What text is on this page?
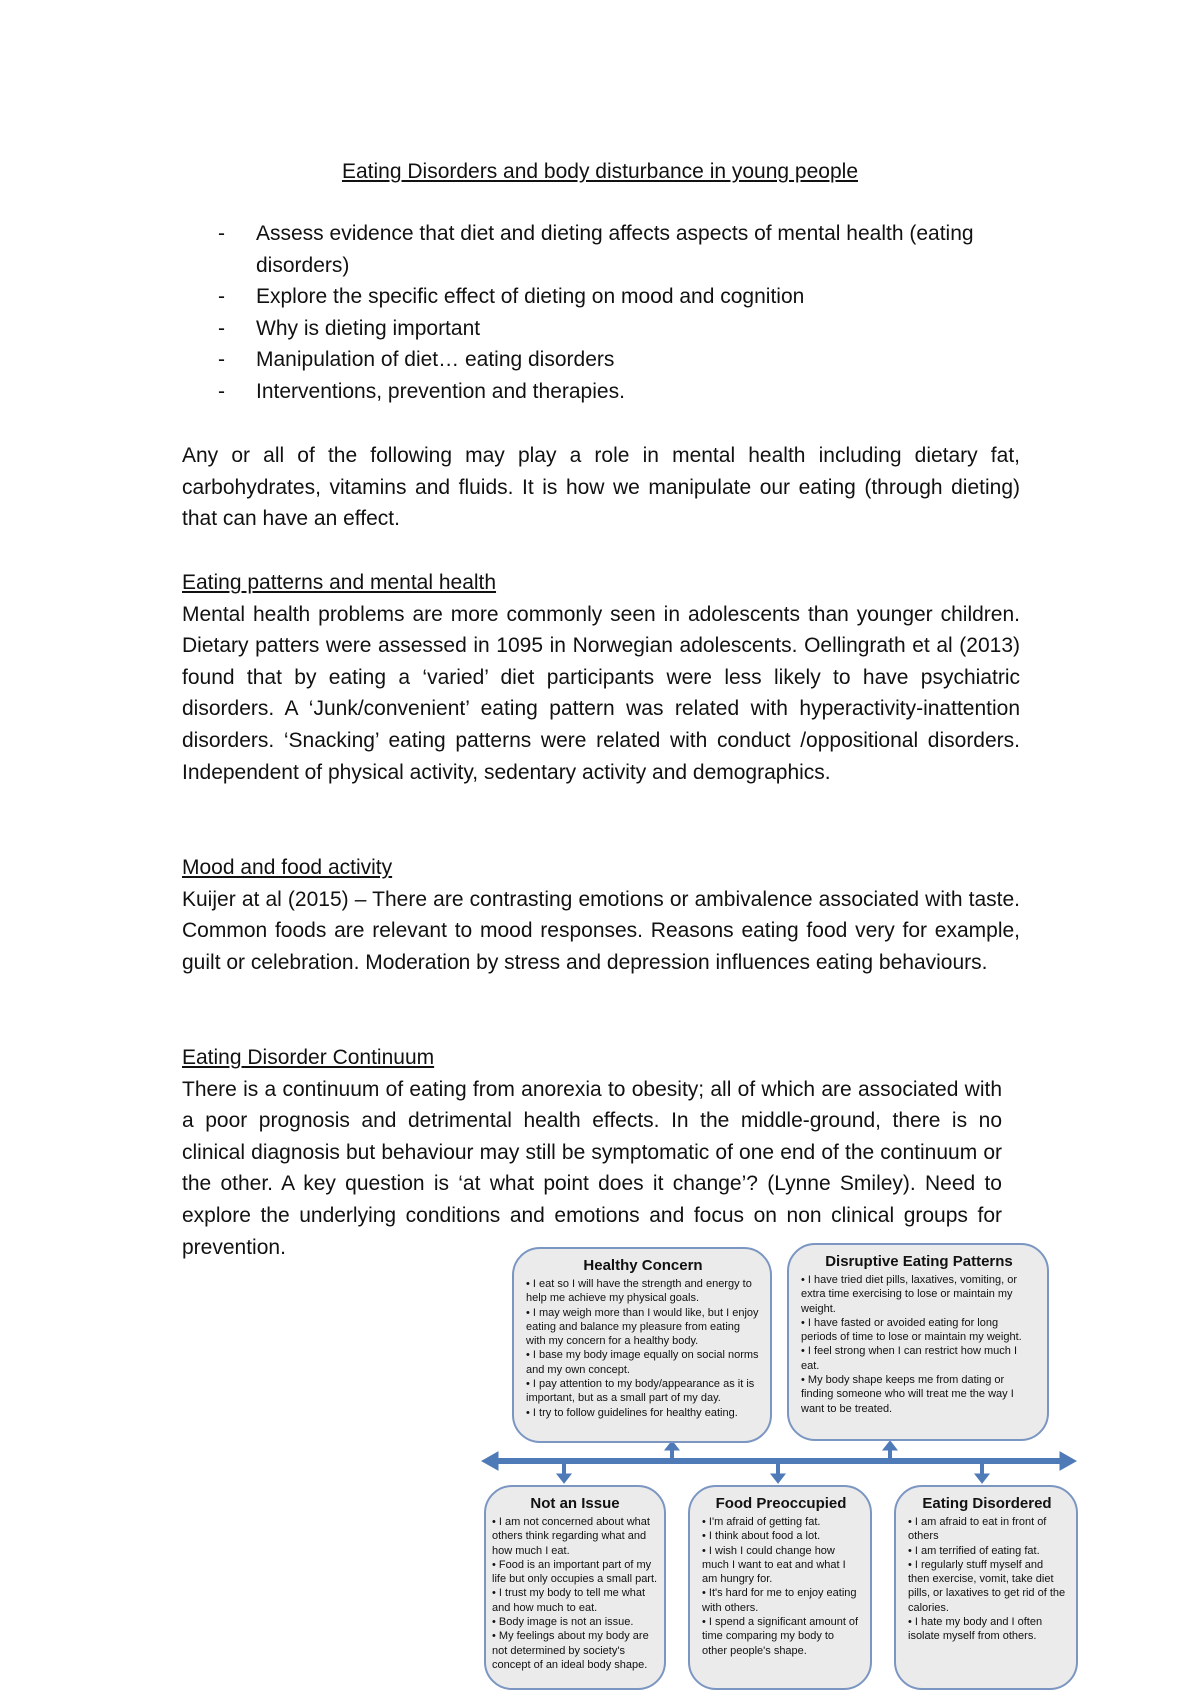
Eating Disorders and body disturbance in young people
- Assess evidence that diet and dieting affects aspects of mental health (eating disorders)
- Explore the specific effect of dieting on mood and cognition
- Why is dieting important
- Manipulation of diet… eating disorders
- Interventions, prevention and therapies.

Any or all of the following may play a role in mental health including dietary fat, carbohydrates, vitamins and fluids. It is how we manipulate our eating (through dieting) that can have an effect.

Eating patterns and mental health
Mental health problems are more commonly seen in adolescents than younger children. Dietary patters were assessed in 1095 in Norwegian adolescents. Oellingrath et al (2013) found that by eating a ‘varied’ diet participants were less likely to have psychiatric disorders. A ‘Junk/convenient’ eating pattern was related with hyperactivity-inattention disorders. ‘Snacking’ eating patterns were related with conduct /oppositional disorders. Independent of physical activity, sedentary activity and demographics.
Mood and food activity
Kuijer at al (2015) – There are contrasting emotions or ambivalence associated with taste. Common foods are relevant to mood responses. Reasons eating food very for example, guilt or celebration. Moderation by stress and depression influences eating behaviours.
Eating Disorder Continuum
There is a continuum of eating from anorexia to obesity; all of which are associated with a poor prognosis and detrimental health effects. In the middle-ground, there is no clinical diagnosis but behaviour may still be symptomatic of one end of the continuum or the other. A key question is ‘at what point does it change’? (Lynne Smiley). Need to explore the underlying conditions and emotions and focus on non clinical groups for prevention.
Healthy Concern

• I eat so I will have the strength and energy to help me achieve my physical goals.

• I may weigh more than I would like, but I enjoy eating and balance my pleasure from eating with my concern for a healthy body.

• I base my body image equally on social norms and my own concept.

• I pay attention to my body/appearance as it is important, but as a small part of my day.

• I try to follow guidelines for healthy eating.

Disruptive Eating Patterns

• I have tried diet pills, laxatives, vomiting, or extra time exercising to lose or maintain my weight.

• I have fasted or avoided eating for long periods of time to lose or maintain my weight.

• I feel strong when I can restrict how much I eat.

• My body shape keeps me from dating or finding someone who will treat me the way I want to be treated.

Not an Issue

• I am not concerned about what others think regarding what and how much I eat.

• Food is an important part of my life but only occupies a small part.

• I trust my body to tell me what and how much to eat.

• Body image is not an issue.

• My feelings about my body are not determined by society's concept of an ideal body shape.

Food Preoccupied

• I'm afraid of getting fat.

• I think about food a lot.

• I wish I could change how much I want to eat and what I am hungry for.

• It's hard for me to enjoy eating with others.

• I spend a significant amount of time comparing my body to other people's shape.

Eating Disordered

• I am afraid to eat in front of others

• I am terrified of eating fat.

• I regularly stuff myself and then exercise, vomit, take diet pills, or laxatives to get rid of the calories.

• I hate my body and I often isolate myself from others.
